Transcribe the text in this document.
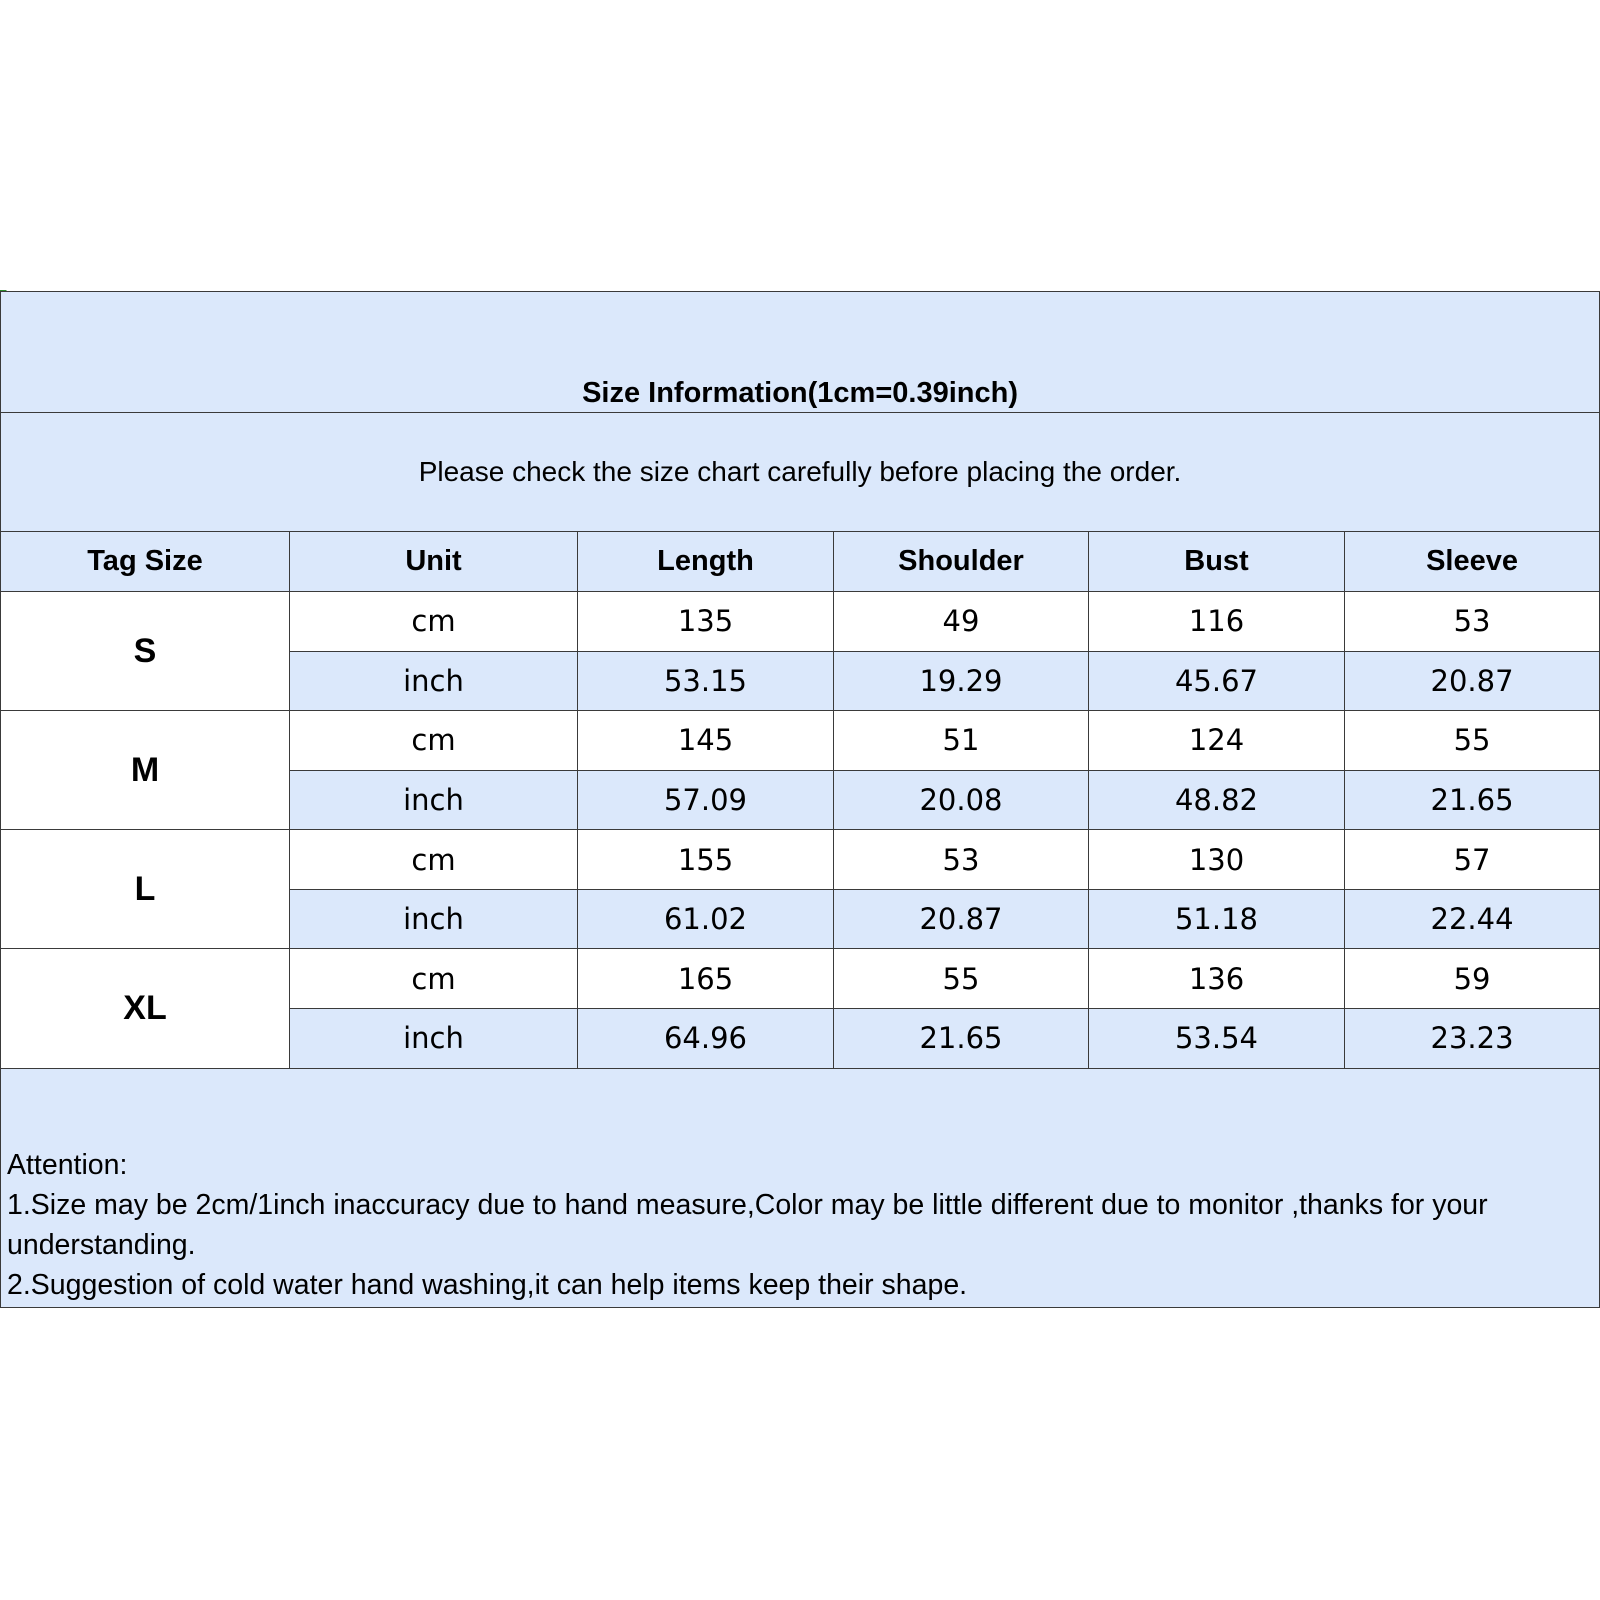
Size Information(1cm=0.39inch)					
Please check the size chart carefully before placing the order.					
Tag Size	Unit	Length	Shoulder	Bust	Sleeve
S	cm	135	49	116	53
	inch	53.15	19.29	45.67	20.87
M	cm	145	51	124	55
	inch	57.09	20.08	48.82	21.65
L	cm	155	53	130	57
	inch	61.02	20.87	51.18	22.44
XL	cm	165	55	136	59
	inch	64.96	21.65	53.54	23.23

Attention:
1.Size may be 2cm/1inch inaccuracy due to hand measure,Color may be little different due to monitor ,thanks for your understanding.
2.Suggestion of cold water hand washing,it can help items keep their shape.					
